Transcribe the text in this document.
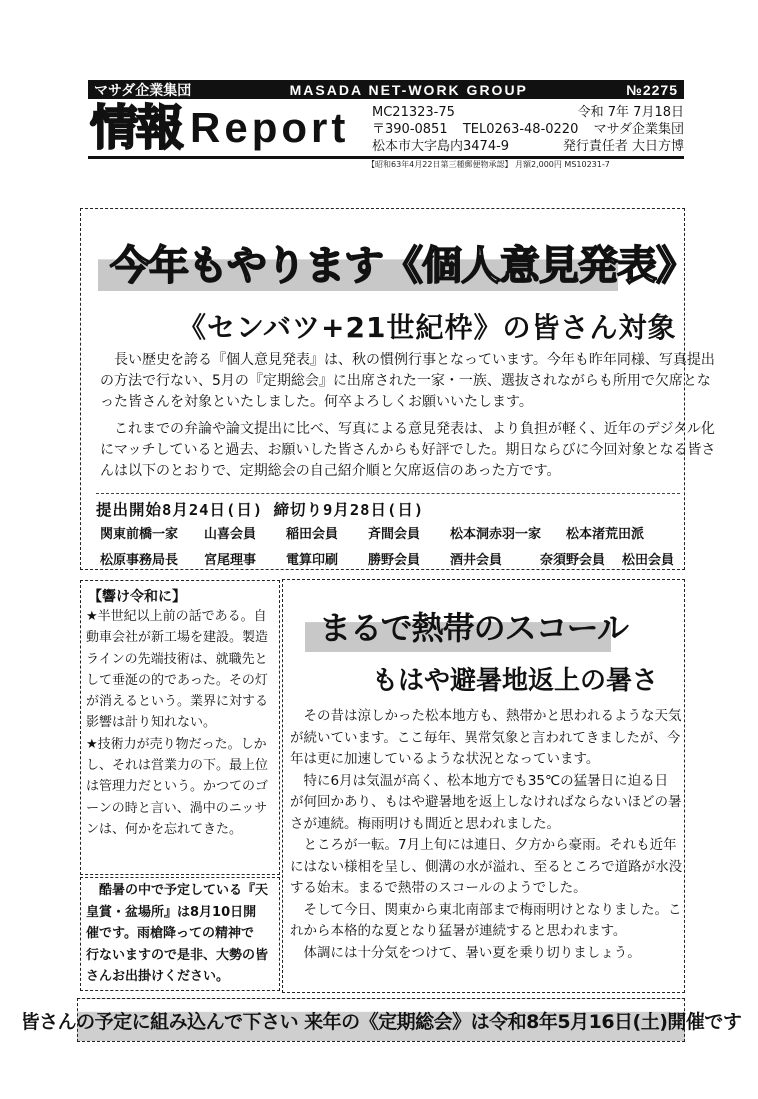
マサダ企業集団	MASADA NET-WORK GROUP	№2275
情報 Report MC21323-75	令和 7年 7月18日
〒390-0851 TEL0263-48-0220 マサダ企業集団
松本市大字島内3474-9	発行責任者 大日方博
【昭和63年4月22日第三種郵便物承認】 月額2,000円 MS10231-7
今年もやります《個人意見発表》
《センバツ+21世紀枠》の皆さん対象
　長い歴史を誇る『個人意見発表』は、秋の慣例行事となっています。今年も昨年同様、写真提出
の方法で行ない、5月の『定期総会』に出席された一家・一族、選抜されながらも所用で欠席とな
った皆さんを対象といたしました。何卒よろしくお願いいたします。
　これまでの弁論や論文提出に比べ、写真による意見発表は、より負担が軽く、近年のデジタル化
にマッチしていると過去、お願いした皆さんからも好評でした。期日ならびに今回対象となる皆さ
んは以下のとおりで、定期総会の自己紹介順と欠席返信のあった方です。
提出開始8月24日(日) 締切り9月28日(日)
関東前橋一家	山喜会員	稲田会員	斉間会員	松本洞赤羽一家	松本渚荒田派
松原事務局長	宮尾理事	電算印刷	勝野会員	酒井会員	奈須野会員	松田会員
【響け令和に】
★半世紀以上前の話である。自
動車会社が新工場を建設。製造
ラインの先端技術は、就職先と
して垂涎の的であった。その灯
が消えるという。業界に対する
影響は計り知れない。
★技術力が売り物だった。しか
し、それは営業力の下。最上位
は管理力だという。かつてのゴ
ーンの時と言い、渦中のニッサ
ンは、何かを忘れてきた。
　酷暑の中で予定している『天
皇賞・盆場所』は8月10日開
催です。雨槍降っての精神で
行ないますので是非、大勢の皆
さんお出掛けください。
まるで熱帯のスコール
もはや避暑地返上の暑さ
　その昔は涼しかった松本地方も、熱帯かと思われるような天気
が続いています。ここ毎年、異常気象と言われてきましたが、今
年は更に加速しているような状況となっています。
　特に6月は気温が高く、松本地方でも35℃の猛暑日に迫る日
が何回かあり、もはや避暑地を返上しなければならないほどの暑
さが連続。梅雨明けも間近と思われました。
　ところが一転。7月上旬には連日、夕方から豪雨。それも近年
にはない様相を呈し、側溝の水が溢れ、至るところで道路が水没
する始末。まるで熱帯のスコールのようでした。
　そして今日、関東から東北南部まで梅雨明けとなりました。こ
れから本格的な夏となり猛暑が連続すると思われます。
　体調には十分気をつけて、暑い夏を乗り切りましょう。
皆さんの予定に組み込んで下さい 来年の《定期総会》は令和8年5月16日(土)開催です
